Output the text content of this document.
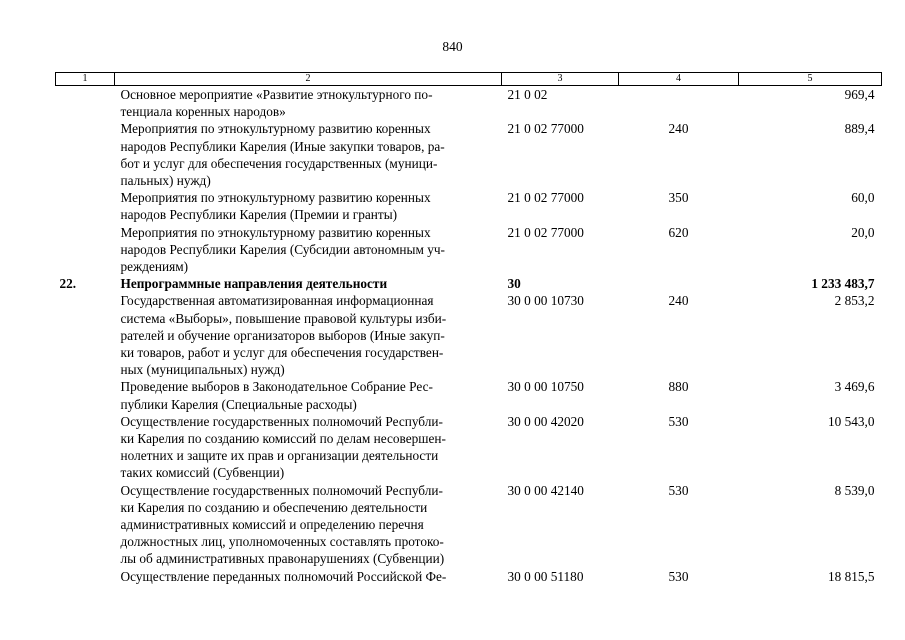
840
1	2	3	4	5
	Основное мероприятие «Развитие этнокультурного по-
тенциала коренных народов»	21 0 02		969,4
	Мероприятия по этнокультурному развитию коренных
народов Республики Карелия (Иные закупки товаров, ра-
бот и услуг для обеспечения государственных (муници-
пальных) нужд)	21 0 02 77000	240	889,4
	Мероприятия по этнокультурному развитию коренных
народов Республики Карелия (Премии и гранты)	21 0 02 77000	350	60,0
	Мероприятия по этнокультурному развитию коренных
народов Республики Карелия (Субсидии автономным уч-
реждениям)	21 0 02 77000	620	20,0
22.	Непрограммные направления деятельности	30		1 233 483,7
	Государственная автоматизированная информационная
система «Выборы», повышение правовой культуры изби-
рателей и обучение организаторов выборов (Иные закуп-
ки товаров, работ и услуг для обеспечения государствен-
ных (муниципальных) нужд)	30 0 00 10730	240	2 853,2
	Проведение выборов в Законодательное Собрание Рес-
публики Карелия (Специальные расходы)	30 0 00 10750	880	3 469,6
	Осуществление государственных полномочий Республи-
ки Карелия по созданию комиссий по делам несовершен-
нолетних и защите их прав и организации деятельности
таких комиссий (Субвенции)	30 0 00 42020	530	10 543,0
	Осуществление государственных полномочий Республи-
ки Карелия по созданию и обеспечению деятельности
административных комиссий и определению перечня
должностных лиц, уполномоченных составлять протоко-
лы об административных правонарушениях (Субвенции)	30 0 00 42140	530	8 539,0
	Осуществление переданных полномочий Российской Фе-	30 0 00 51180	530	18 815,5
